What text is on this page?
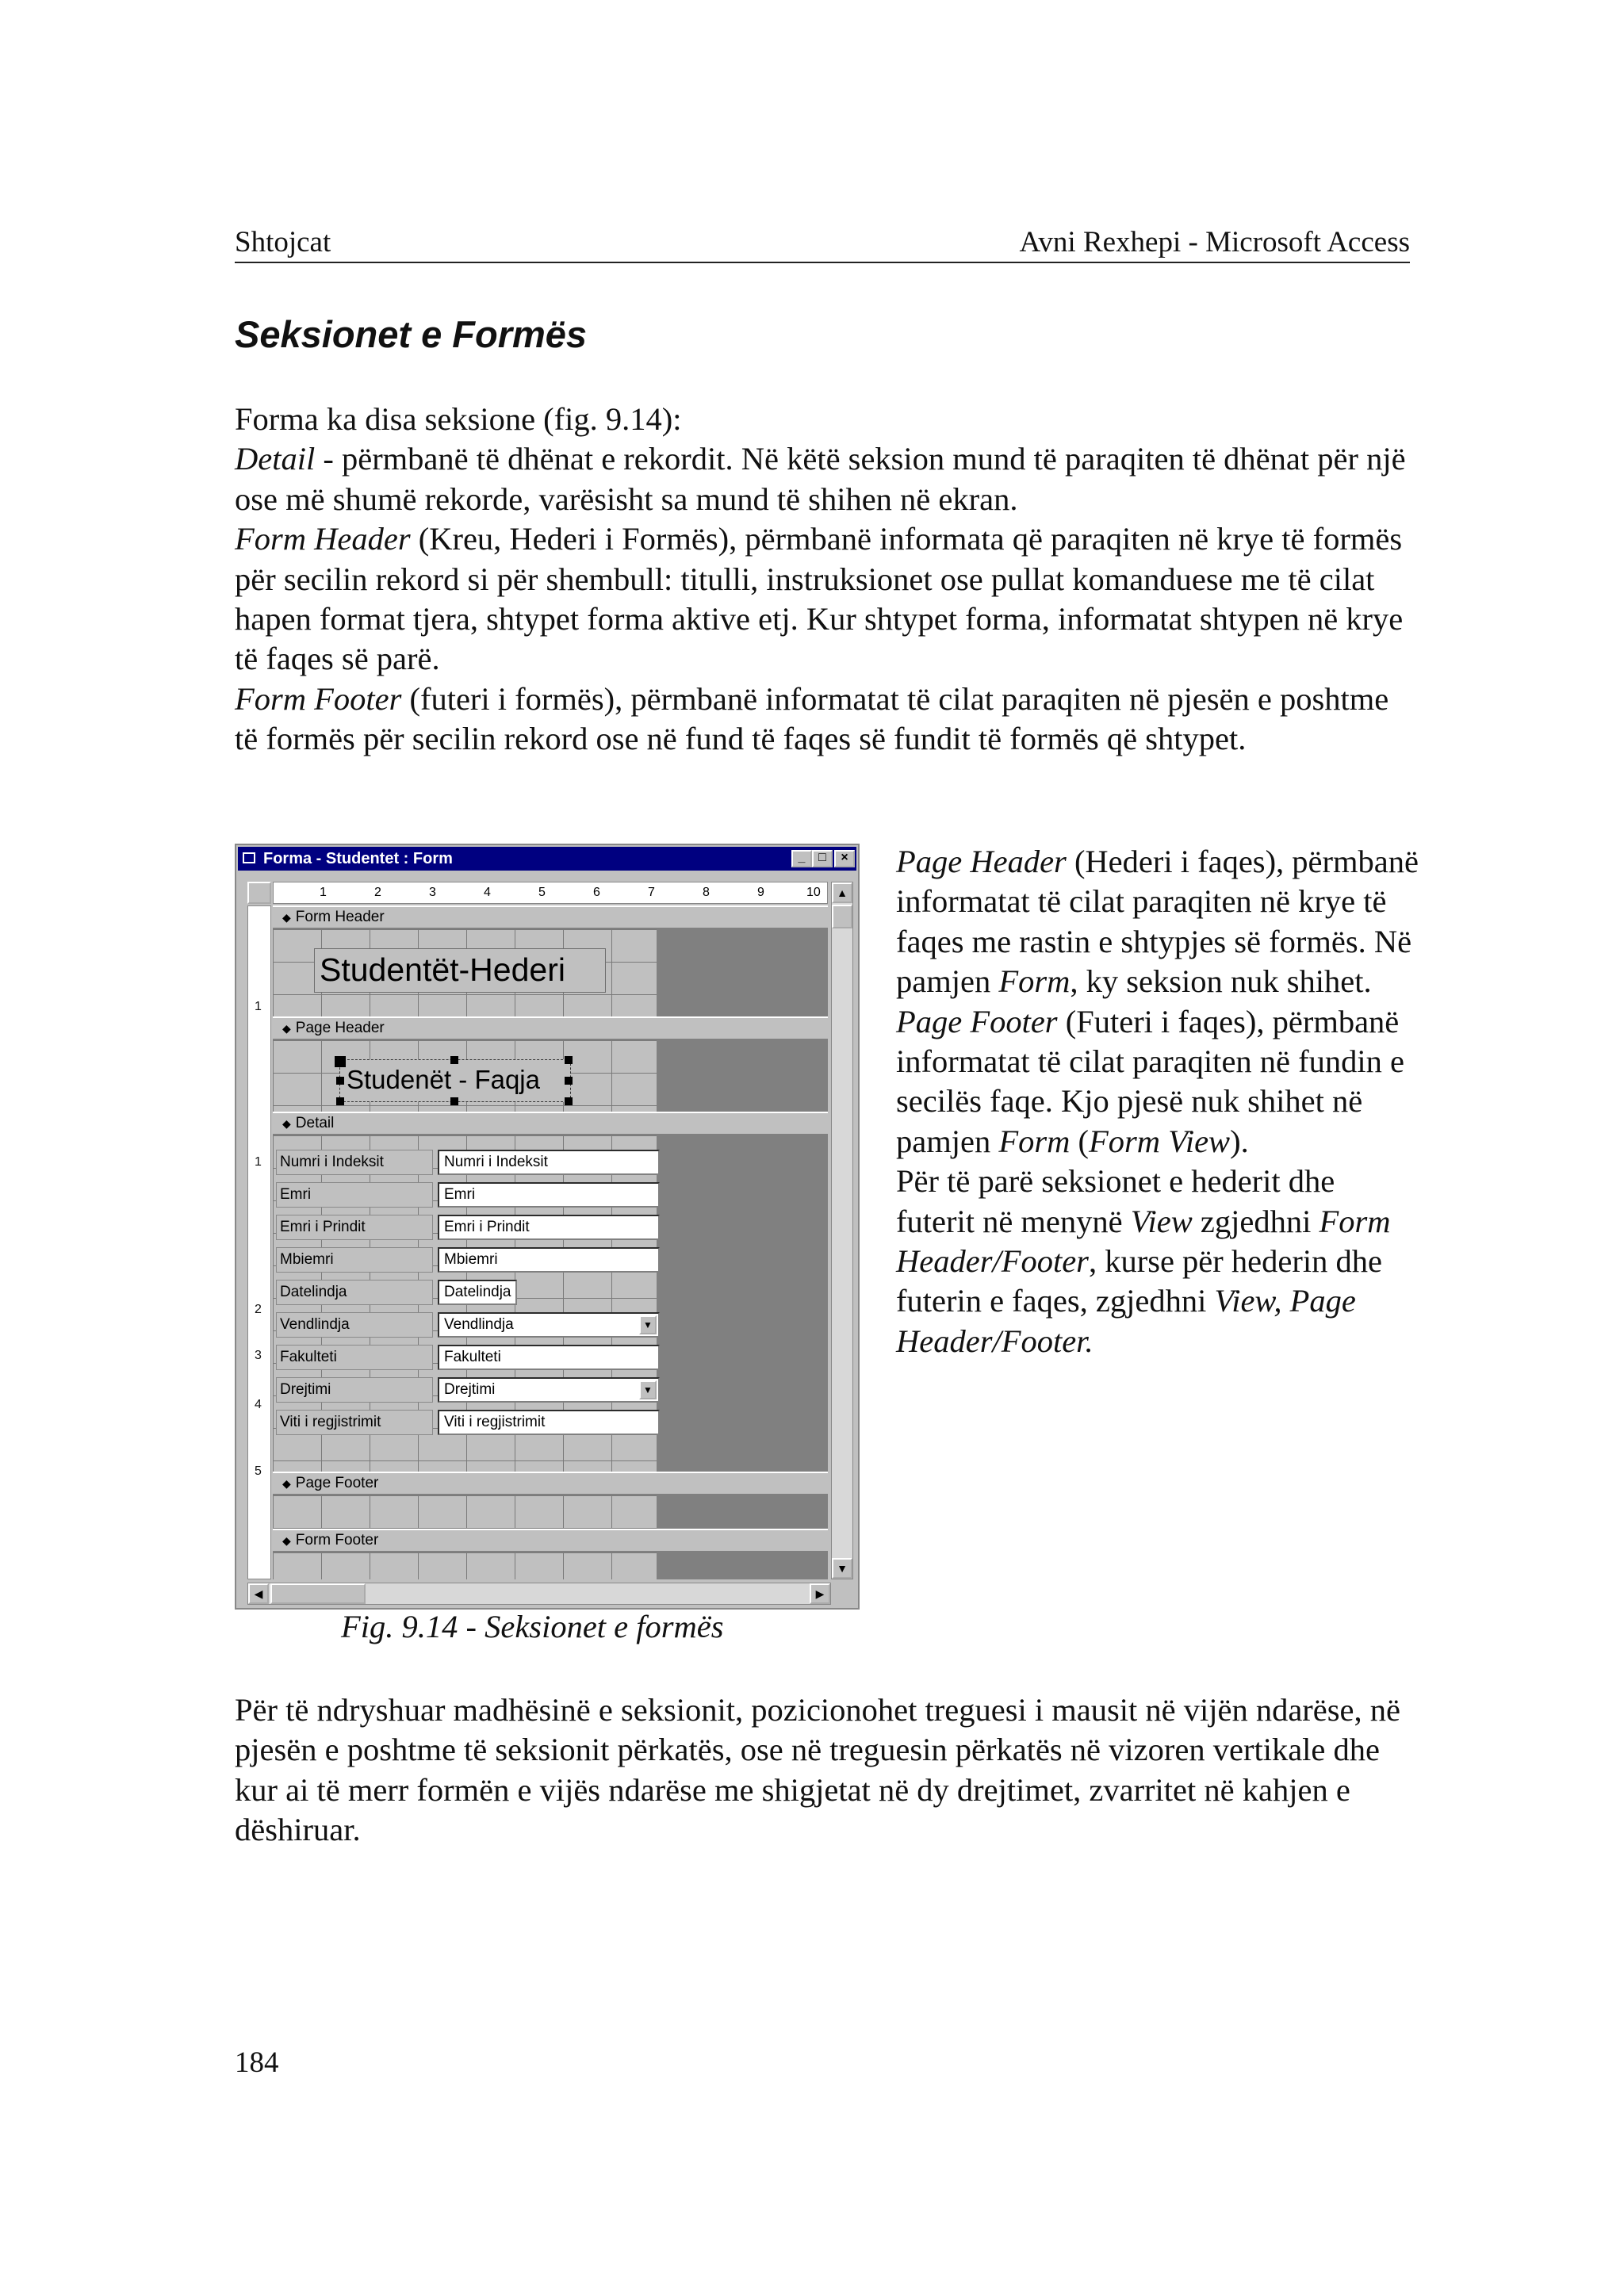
Shtojcat	Avni Rexhepi - Microsoft Access
Seksionet e Formës

Forma ka disa seksione (fig. 9.14):

Detail - përmbanë të dhënat e rekordit. Në këtë seksion mund të paraqiten të dhënat për një ose më shumë rekorde, varësisht sa mund të shihen në ekran.

Form Header (Kreu, Hederi i Formës), përmbanë informata që paraqiten në krye të formës për secilin rekord si për shembull: titulli, instruksionet ose pullat komanduese me të cilat hapen format tjera, shtypet forma aktive etj. Kur shtypet forma, informatat shtypen në krye të faqes së parë.

Form Footer (futeri i formës), përmbanë informatat të cilat paraqiten në pjesën e poshtme të formës për secilin rekord ose në fund të faqes së fundit të formës që shtypet.

Forma - Studentet : Form	_	□	×
1	2	3	4	5	6	7	8	9	10
1
1
2
3
4
5
◆ Form Header
Studentët-Hederi
◆ Page Header
Studenët - Faqja
◆ Detail
Numri i Indeksit	Numri i Indeksit
Emri	Emri
Emri i Prindit	Emri i Prindit
Mbiemri	Mbiemri
Datelindja	Datelindja
Vendlindja	Vendlindja	▼
Fakulteti	Fakulteti
Drejtimi	Drejtimi	▼
Viti i regjistrimit	Viti i regjistrimit
◆ Page Footer
◆ Form Footer
▲
▼
◀	▶
Fig. 9.14 - Seksionet e formës

Page Header (Hederi i faqes), përmbanë informatat të cilat paraqiten në krye të faqes me rastin e shtypjes së formës. Në pamjen Form, ky seksion nuk shihet.

Page Footer (Futeri i faqes), përmbanë informatat të cilat paraqiten në fundin e secilës faqe. Kjo pjesë nuk shihet në pamjen Form (Form View).

Për të parë seksionet e hederit dhe futerit në menynë View zgjedhni Form Header/Footer, kurse për hederin dhe futerin e faqes, zgjedhni View, Page Header/Footer.

Për të ndryshuar madhësinë e seksionit, pozicionohet treguesi i mausit në vijën ndarëse, në pjesën e poshtme të seksionit përkatës, ose në treguesin përkatës në vizoren vertikale dhe kur ai të merr formën e vijës ndarëse me shigjetat në dy drejtimet, zvarritet në kahjen e dëshiruar.
184
